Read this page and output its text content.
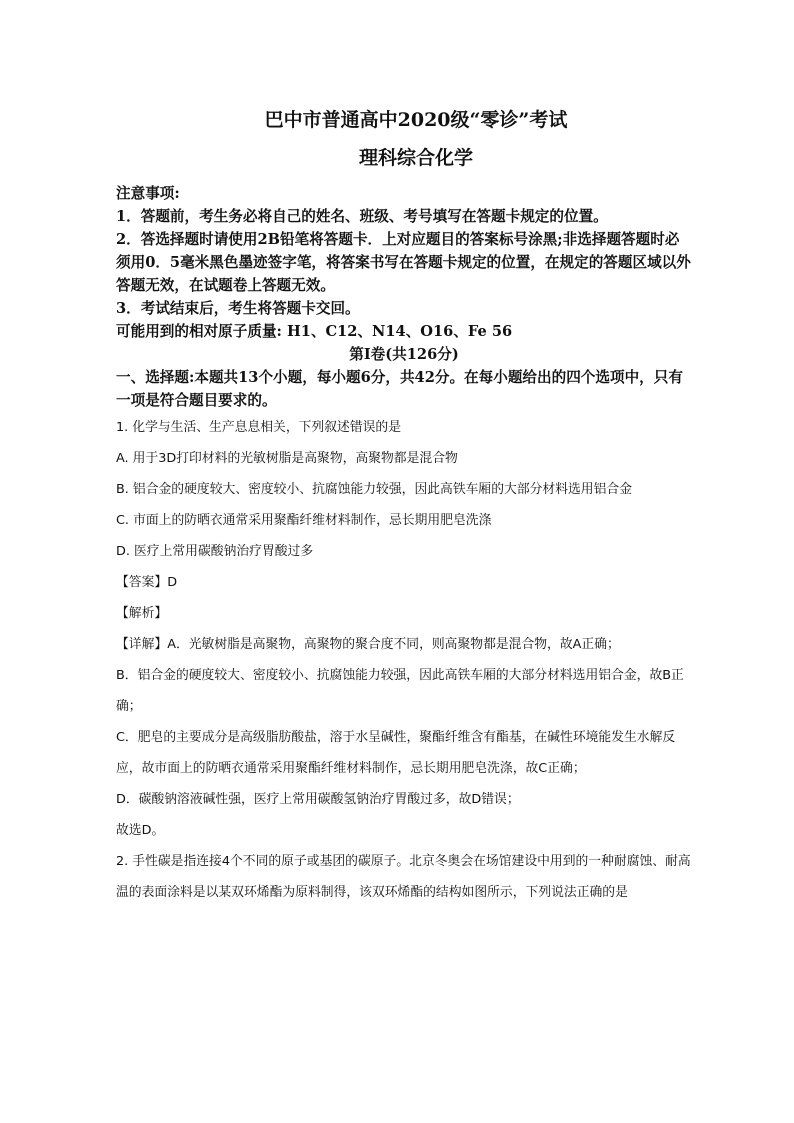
巴中市普通高中2020级“零诊”考试
理科综合化学
注意事项:
1．答题前，考生务必将自己的姓名、班级、考号填写在答题卡规定的位置。
2．答选择题时请使用2B铅笔将答题卡．上对应题目的答案标号涂黑;非选择题答题时必须用0．5毫米黑色墨迹签字笔，将答案书写在答题卡规定的位置，在规定的答题区域以外答题无效，在试题卷上答题无效。
3．考试结束后，考生将答题卡交回。
可能用到的相对原子质量: H1、C12、N14、O16、Fe 56
第I卷(共126分)
一、选择题:本题共13个小题，每小题6分，共42分。在每小题给出的四个选项中，只有一项是符合题目要求的。
1. 化学与生活、生产息息相关，下列叙述错误的是
A. 用于3D打印材料的光敏树脂是高聚物，高聚物都是混合物
B. 铝合金的硬度较大、密度较小、抗腐蚀能力较强，因此高铁车厢的大部分材料选用铝合金
C. 市面上的防晒衣通常采用聚酯纤维材料制作，忌长期用肥皂洗涤
D. 医疗上常用碳酸钠治疗胃酸过多
【答案】D
【解析】
【详解】A．光敏树脂是高聚物，高聚物的聚合度不同，则高聚物都是混合物，故A正确；
B．铝合金的硬度较大、密度较小、抗腐蚀能力较强，因此高铁车厢的大部分材料选用铝合金，故B正确；
C．肥皂的主要成分是高级脂肪酸盐，溶于水呈碱性，聚酯纤维含有酯基，在碱性环境能发生水解反应，故市面上的防晒衣通常采用聚酯纤维材料制作，忌长期用肥皂洗涤，故C正确；
D．碳酸钠溶液碱性强，医疗上常用碳酸氢钠治疗胃酸过多，故D错误；
故选D。
2. 手性碳是指连接4个不同的原子或基团的碳原子。北京冬奥会在场馆建设中用到的一种耐腐蚀、耐高温的表面涂料是以某双环烯酯为原料制得，该双环烯酯的结构如图所示，下列说法正确的是
